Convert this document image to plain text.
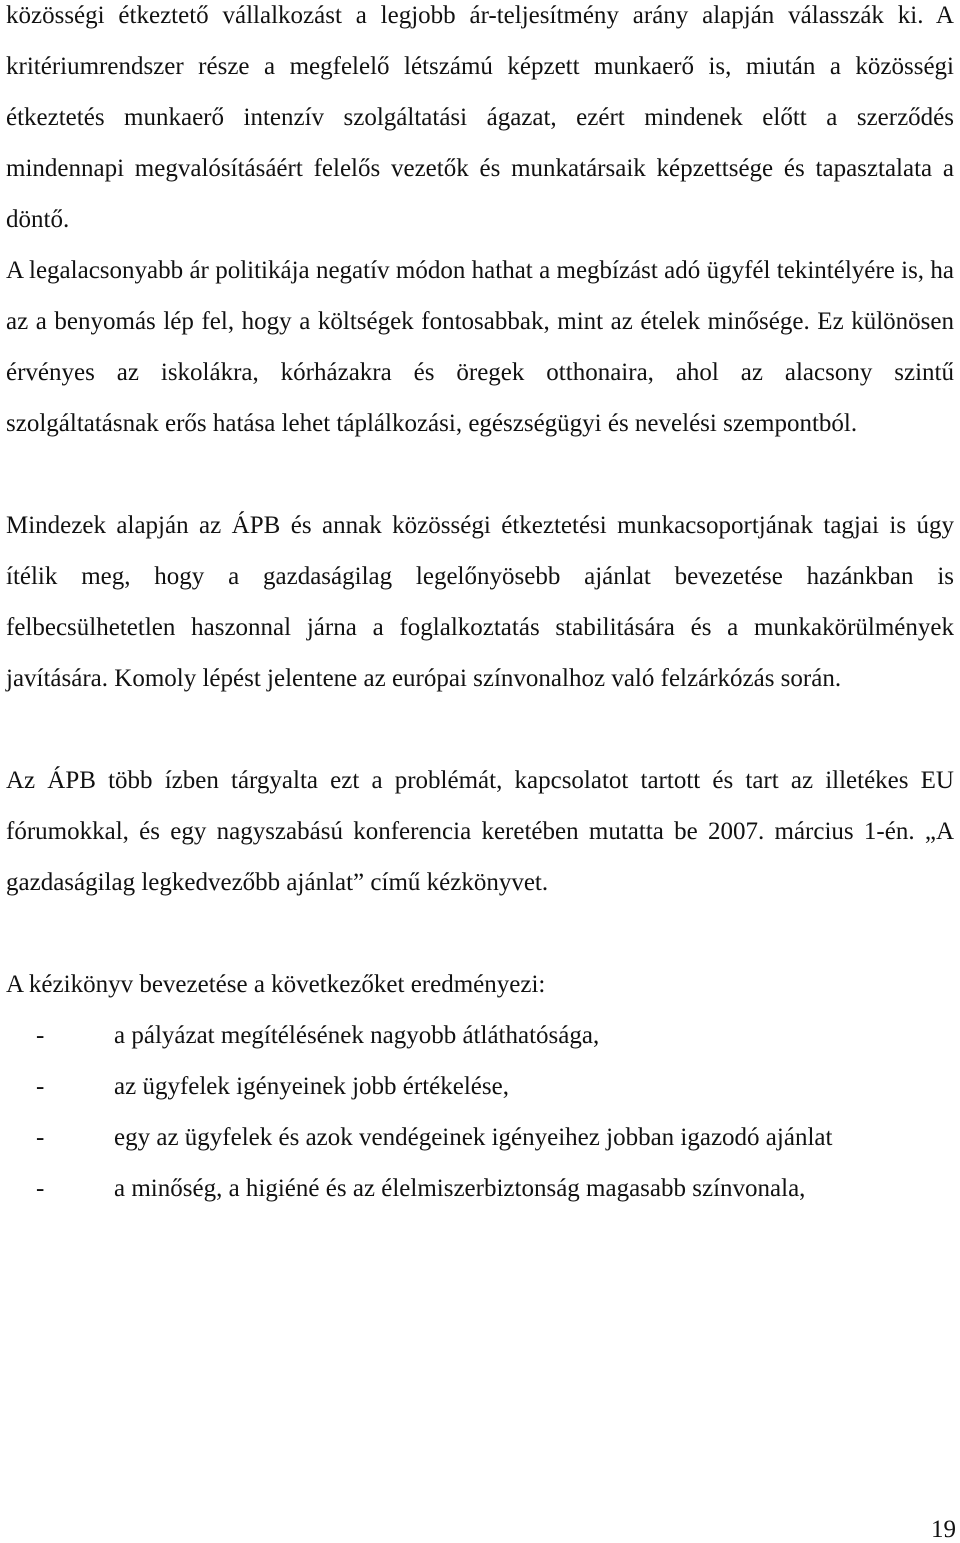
közösségi étkeztető vállalkozást a legjobb ár-teljesítmény arány alapján válasszák ki. A kritériumrendszer része a megfelelő létszámú képzett munkaerő is, miután a közösségi étkeztetés munkaerő intenzív szolgáltatási ágazat, ezért mindenek előtt a szerződés mindennapi megvalósításáért felelős vezetők és munkatársaik képzettsége és tapasztalata a döntő.

A legalacsonyabb ár politikája negatív módon hathat a megbízást adó ügyfél tekintélyére is, ha az a benyomás lép fel, hogy a költségek fontosabbak, mint az ételek minősége. Ez különösen érvényes az iskolákra, kórházakra és öregek otthonaira, ahol az alacsony szintű szolgáltatásnak erős hatása lehet táplálkozási, egészségügyi és nevelési szempontból.

Mindezek alapján az ÁPB és annak közösségi étkeztetési munkacsoportjának tagjai is úgy ítélik meg, hogy a gazdaságilag legelőnyösebb ajánlat bevezetése hazánkban is felbecsülhetetlen haszonnal járna a foglalkoztatás stabilitására és a munkakörülmények javítására. Komoly lépést jelentene az európai színvonalhoz való felzárkózás során.

Az ÁPB több ízben tárgyalta ezt a problémát, kapcsolatot tartott és tart az illetékes EU fórumokkal, és egy nagyszabású konferencia keretében mutatta be 2007. március 1-én. „A gazdaságilag legkedvezőbb ajánlat” című kézkönyvet.

A kézikönyv bevezetése a következőket eredményezi:

-	a pályázat megítélésének nagyobb átláthatósága,
-	az ügyfelek igényeinek jobb értékelése,
-	egy az ügyfelek és azok vendégeinek igényeihez jobban igazodó ajánlat
-	a minőség, a higiéné és az élelmiszerbiztonság magasabb színvonala,
19
